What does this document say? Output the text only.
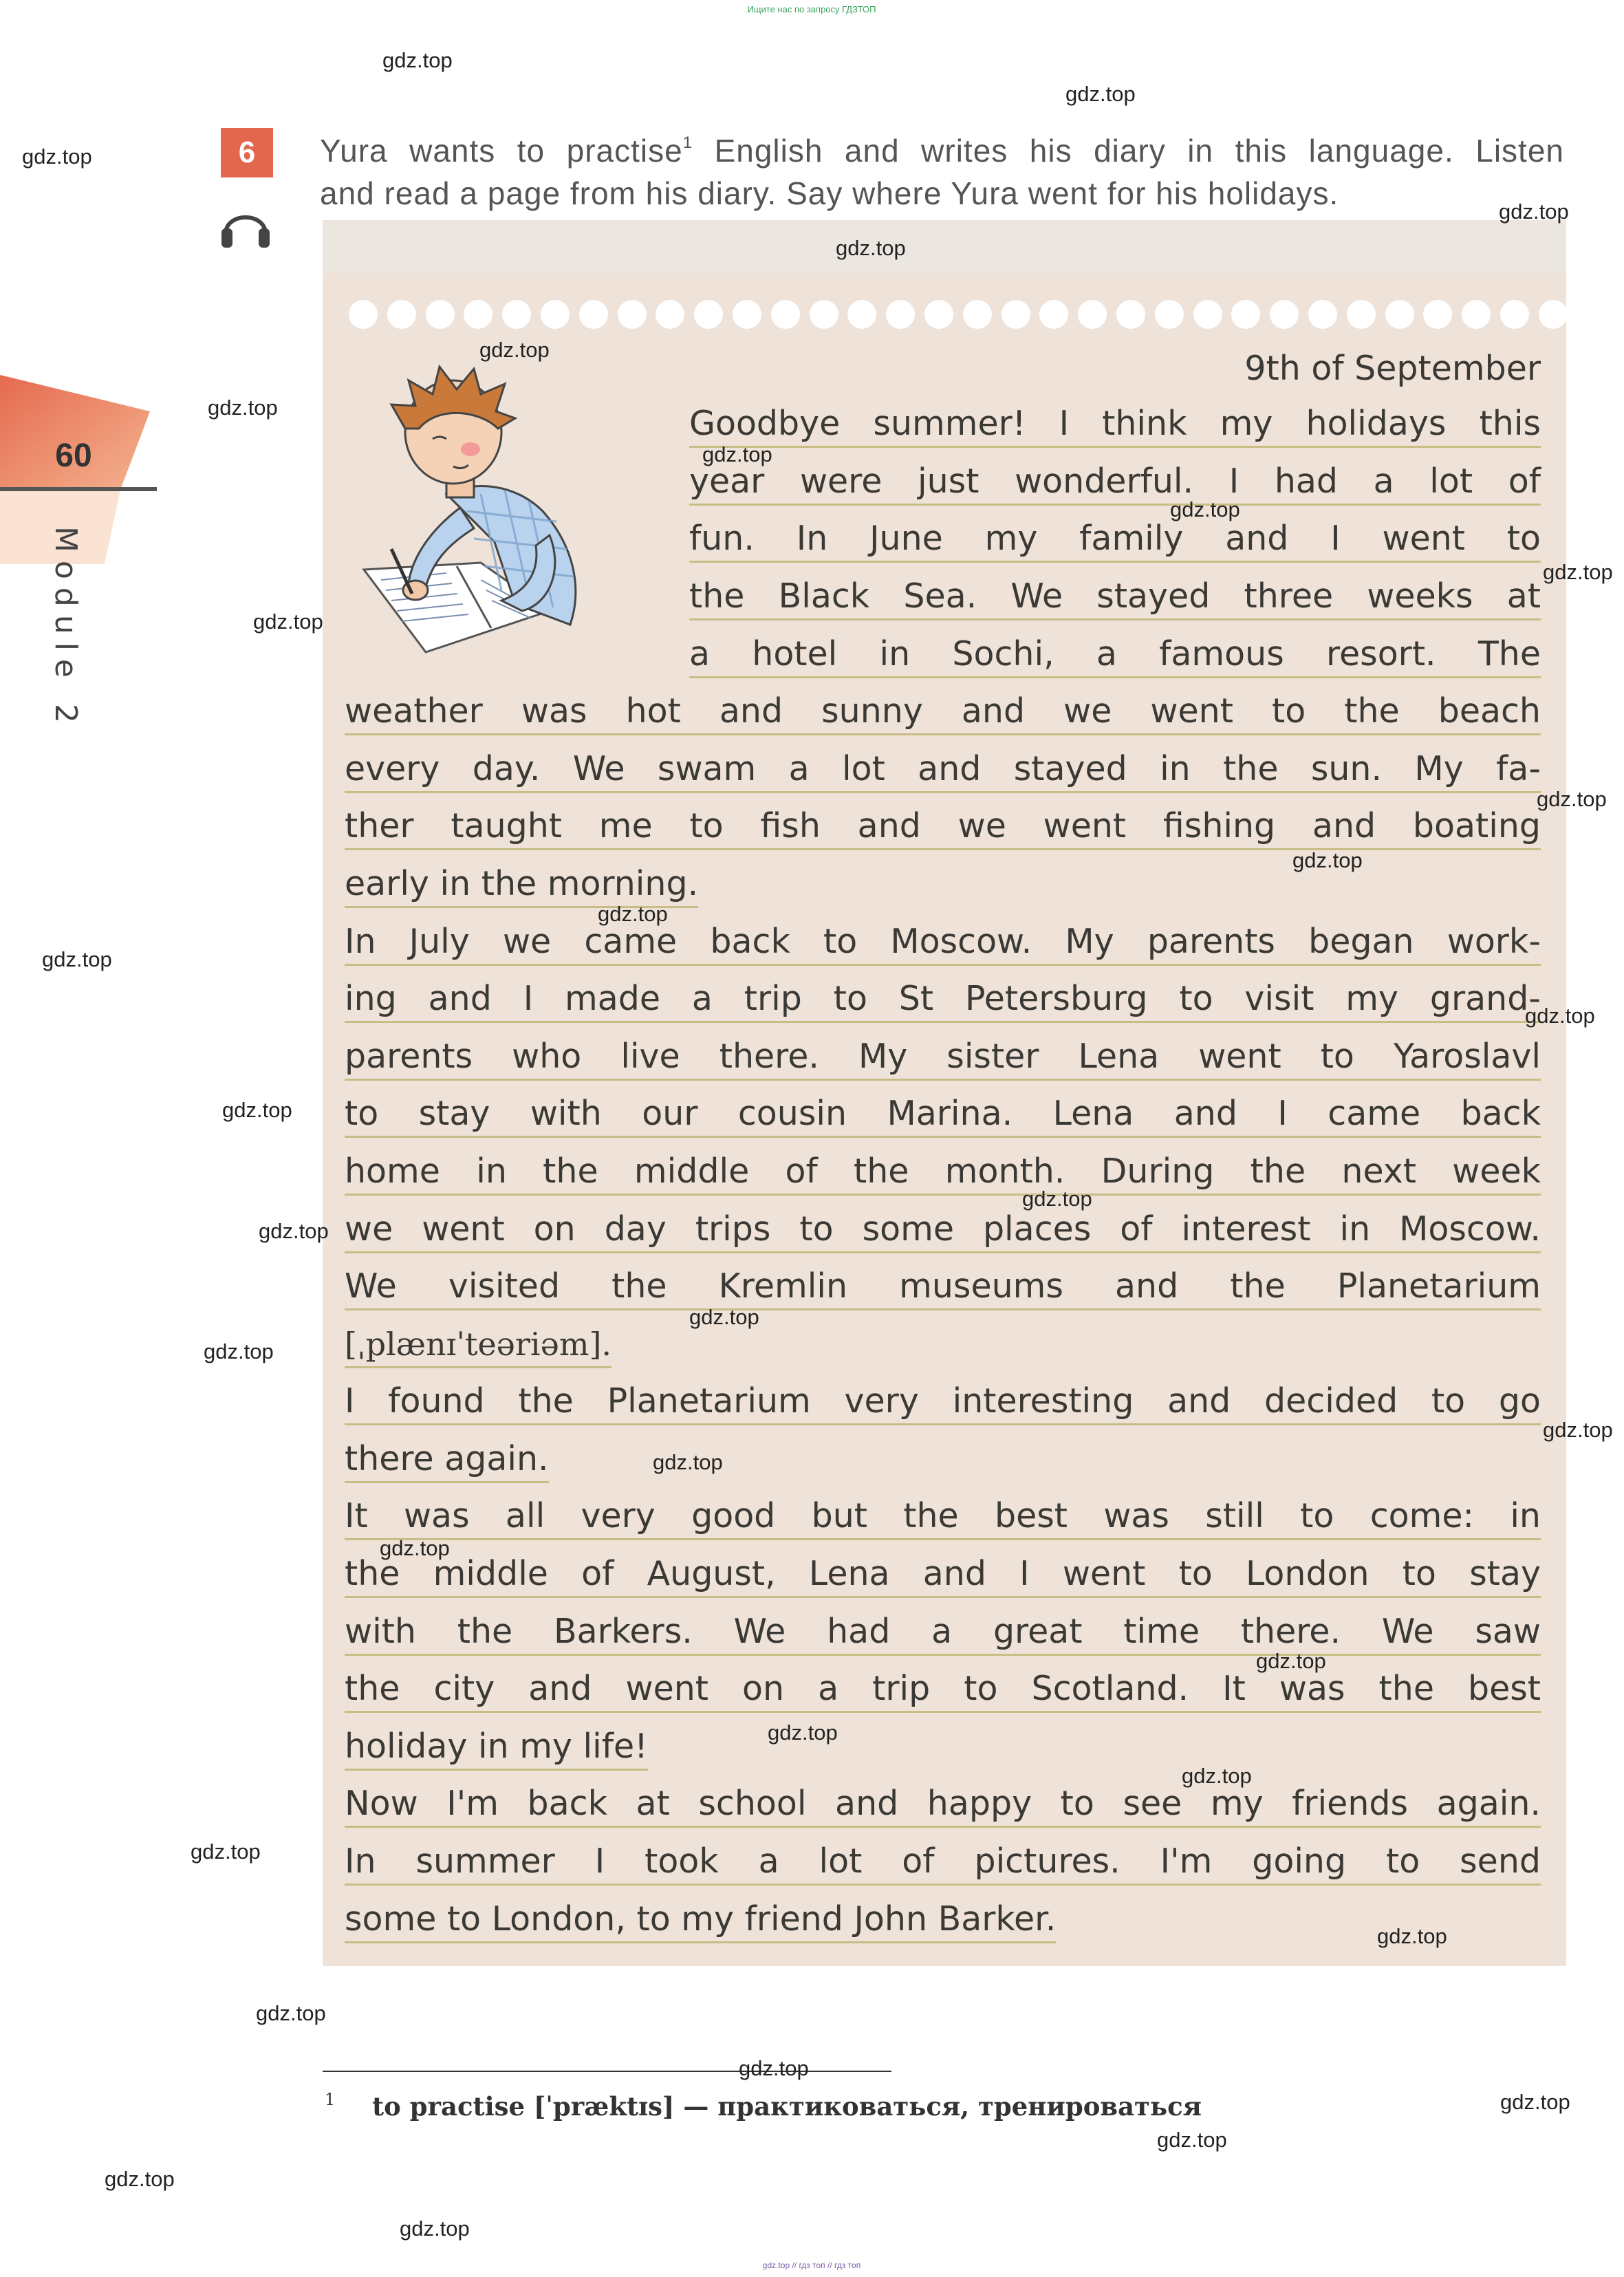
Ищите нас по запросу ГДЗТОП
60
Module 2
6	Yura wants to practise$^1$ English and writes his diary in this language. Listen
and read a page from his diary. Say where Yura went for his holidays.
9th of September
Goodbye summer! I think my holidays this
year were just wonderful. I had a lot of
fun. In June my family and I went to
the Black Sea. We stayed three weeks at
a hotel in Sochi, a famous resort. The
weather was hot and sunny and we went to the beach
every day. We swam a lot and stayed in the sun. My fa-
ther taught me to fish and we went fishing and boating
early in the morning.
In July we came back to Moscow. My parents began work-
ing and I made a trip to St Petersburg to visit my grand-
parents who live there. My sister Lena went to Yaroslavl
to stay with our cousin Marina. Lena and I came back
home in the middle of the month. During the next week
we went on day trips to some places of interest in Moscow.
We visited the Kremlin museums and the Planetarium
[ˌplænɪˈteəriəm].
I found the Planetarium very interesting and decided to go
there again.
It was all very good but the best was still to come: in
the middle of August, Lena and I went to London to stay
with the Barkers. We had a great time there. We saw
the city and went on a trip to Scotland. It was the best
holiday in my life!
Now I'm back at school and happy to see my friends again.
In summer I took a lot of pictures. I'm going to send
some to London, to my friend John Barker.
1 to practise [ˈpræktɪs] — практиковаться, тренироваться
gdz.top // гдз топ // гдз топ
gdz.top
gdz.top
gdz.top
gdz.top
gdz.top
gdz.top
gdz.top
gdz.top
gdz.top
gdz.top
gdz.top
gdz.top
gdz.top
gdz.top
gdz.top
gdz.top
gdz.top
gdz.top
gdz.top
gdz.top
gdz.top
gdz.top
gdz.top
gdz.top
gdz.top
gdz.top
gdz.top
gdz.top
gdz.top
gdz.top
gdz.top
gdz.top
gdz.top
gdz.top
gdz.top
